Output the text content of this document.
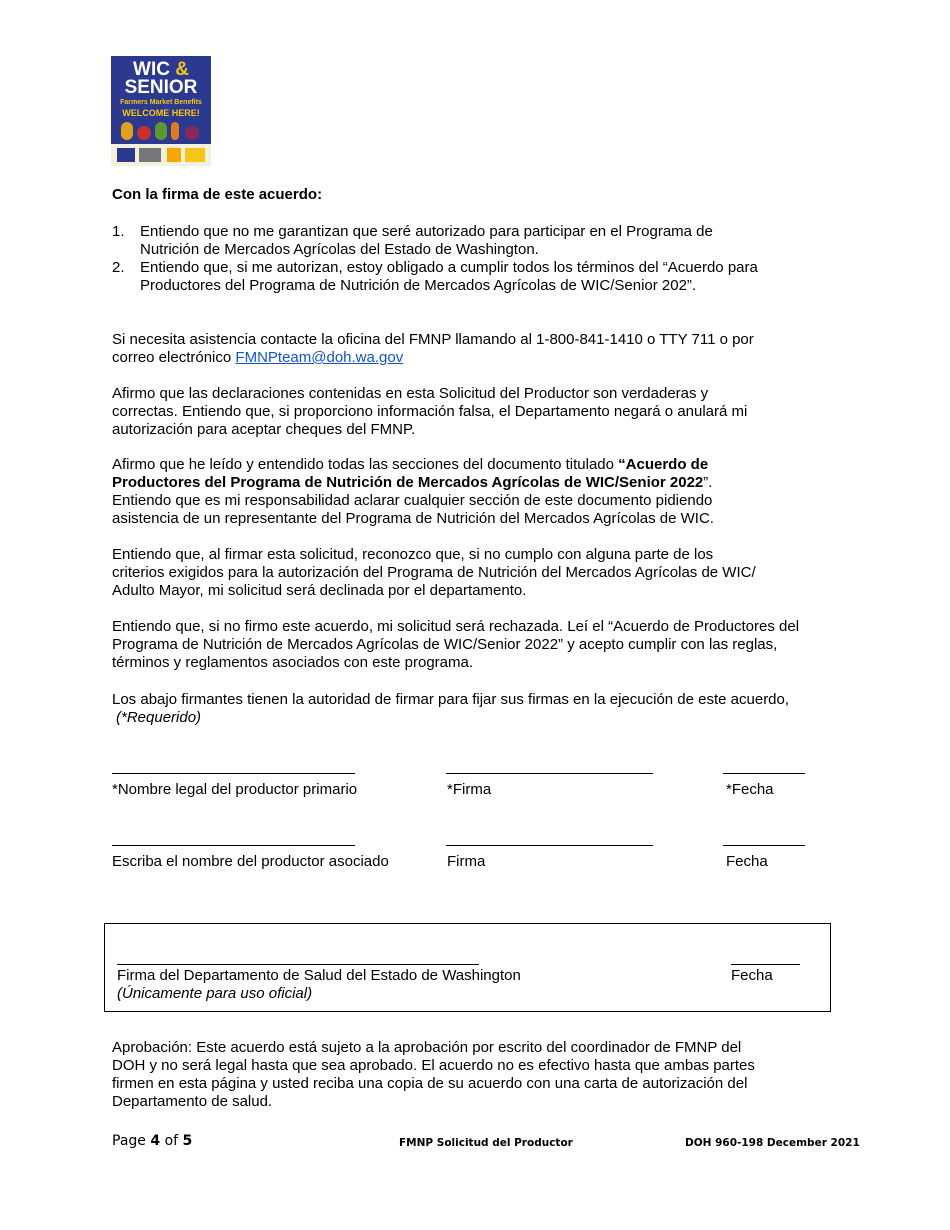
WIC &
SENIOR
Farmers Market Benefits
WELCOME HERE!
Con la firma de este acuerdo:
1. Entiendo que no me garantizan que seré autorizado para participar en el Programa de
Nutrición de Mercados Agrícolas del Estado de Washington.
2. Entiendo que, si me autorizan, estoy obligado a cumplir todos los términos del “Acuerdo para
Productores del Programa de Nutrición de Mercados Agrícolas de WIC/Senior 202”.
Si necesita asistencia contacte la oficina del FMNP llamando al 1-800-841-1410 o TTY 711 o por
correo electrónico FMNPteam@doh.wa.gov
Afirmo que las declaraciones contenidas en esta Solicitud del Productor son verdaderas y
correctas. Entiendo que, si proporciono información falsa, el Departamento negará o anulará mi
autorización para aceptar cheques del FMNP.
Afirmo que he leído y entendido todas las secciones del documento titulado “Acuerdo de
Productores del Programa de Nutrición de Mercados Agrícolas de WIC/Senior 2022”.
Entiendo que es mi responsabilidad aclarar cualquier sección de este documento pidiendo
asistencia de un representante del Programa de Nutrición del Mercados Agrícolas de WIC.
Entiendo que, al firmar esta solicitud, reconozco que, si no cumplo con alguna parte de los
criterios exigidos para la autorización del Programa de Nutrición del Mercados Agrícolas de WIC/
Adulto Mayor, mi solicitud será declinada por el departamento.
Entiendo que, si no firmo este acuerdo, mi solicitud será rechazada. Leí el “Acuerdo de Productores del
Programa de Nutrición de Mercados Agrícolas de WIC/Senior 2022” y acepto cumplir con las reglas,
términos y reglamentos asociados con este programa.
Los abajo firmantes tienen la autoridad de firmar para fijar sus firmas en la ejecución de este acuerdo,
(*Requerido)
*Nombre legal del productor primario	*Firma	*Fecha
Escriba el nombre del productor asociado	Firma	Fecha
Firma del Departamento de Salud del Estado de Washington
(Únicamente para uso oficial)
Fecha
Aprobación: Este acuerdo está sujeto a la aprobación por escrito del coordinador de FMNP del
DOH y no será legal hasta que sea aprobado. El acuerdo no es efectivo hasta que ambas partes
firmen en esta página y usted reciba una copia de su acuerdo con una carta de autorización del
Departamento de salud.
Page 4 of 5	FMNP Solicitud del Productor	DOH 960-198 December 2021
